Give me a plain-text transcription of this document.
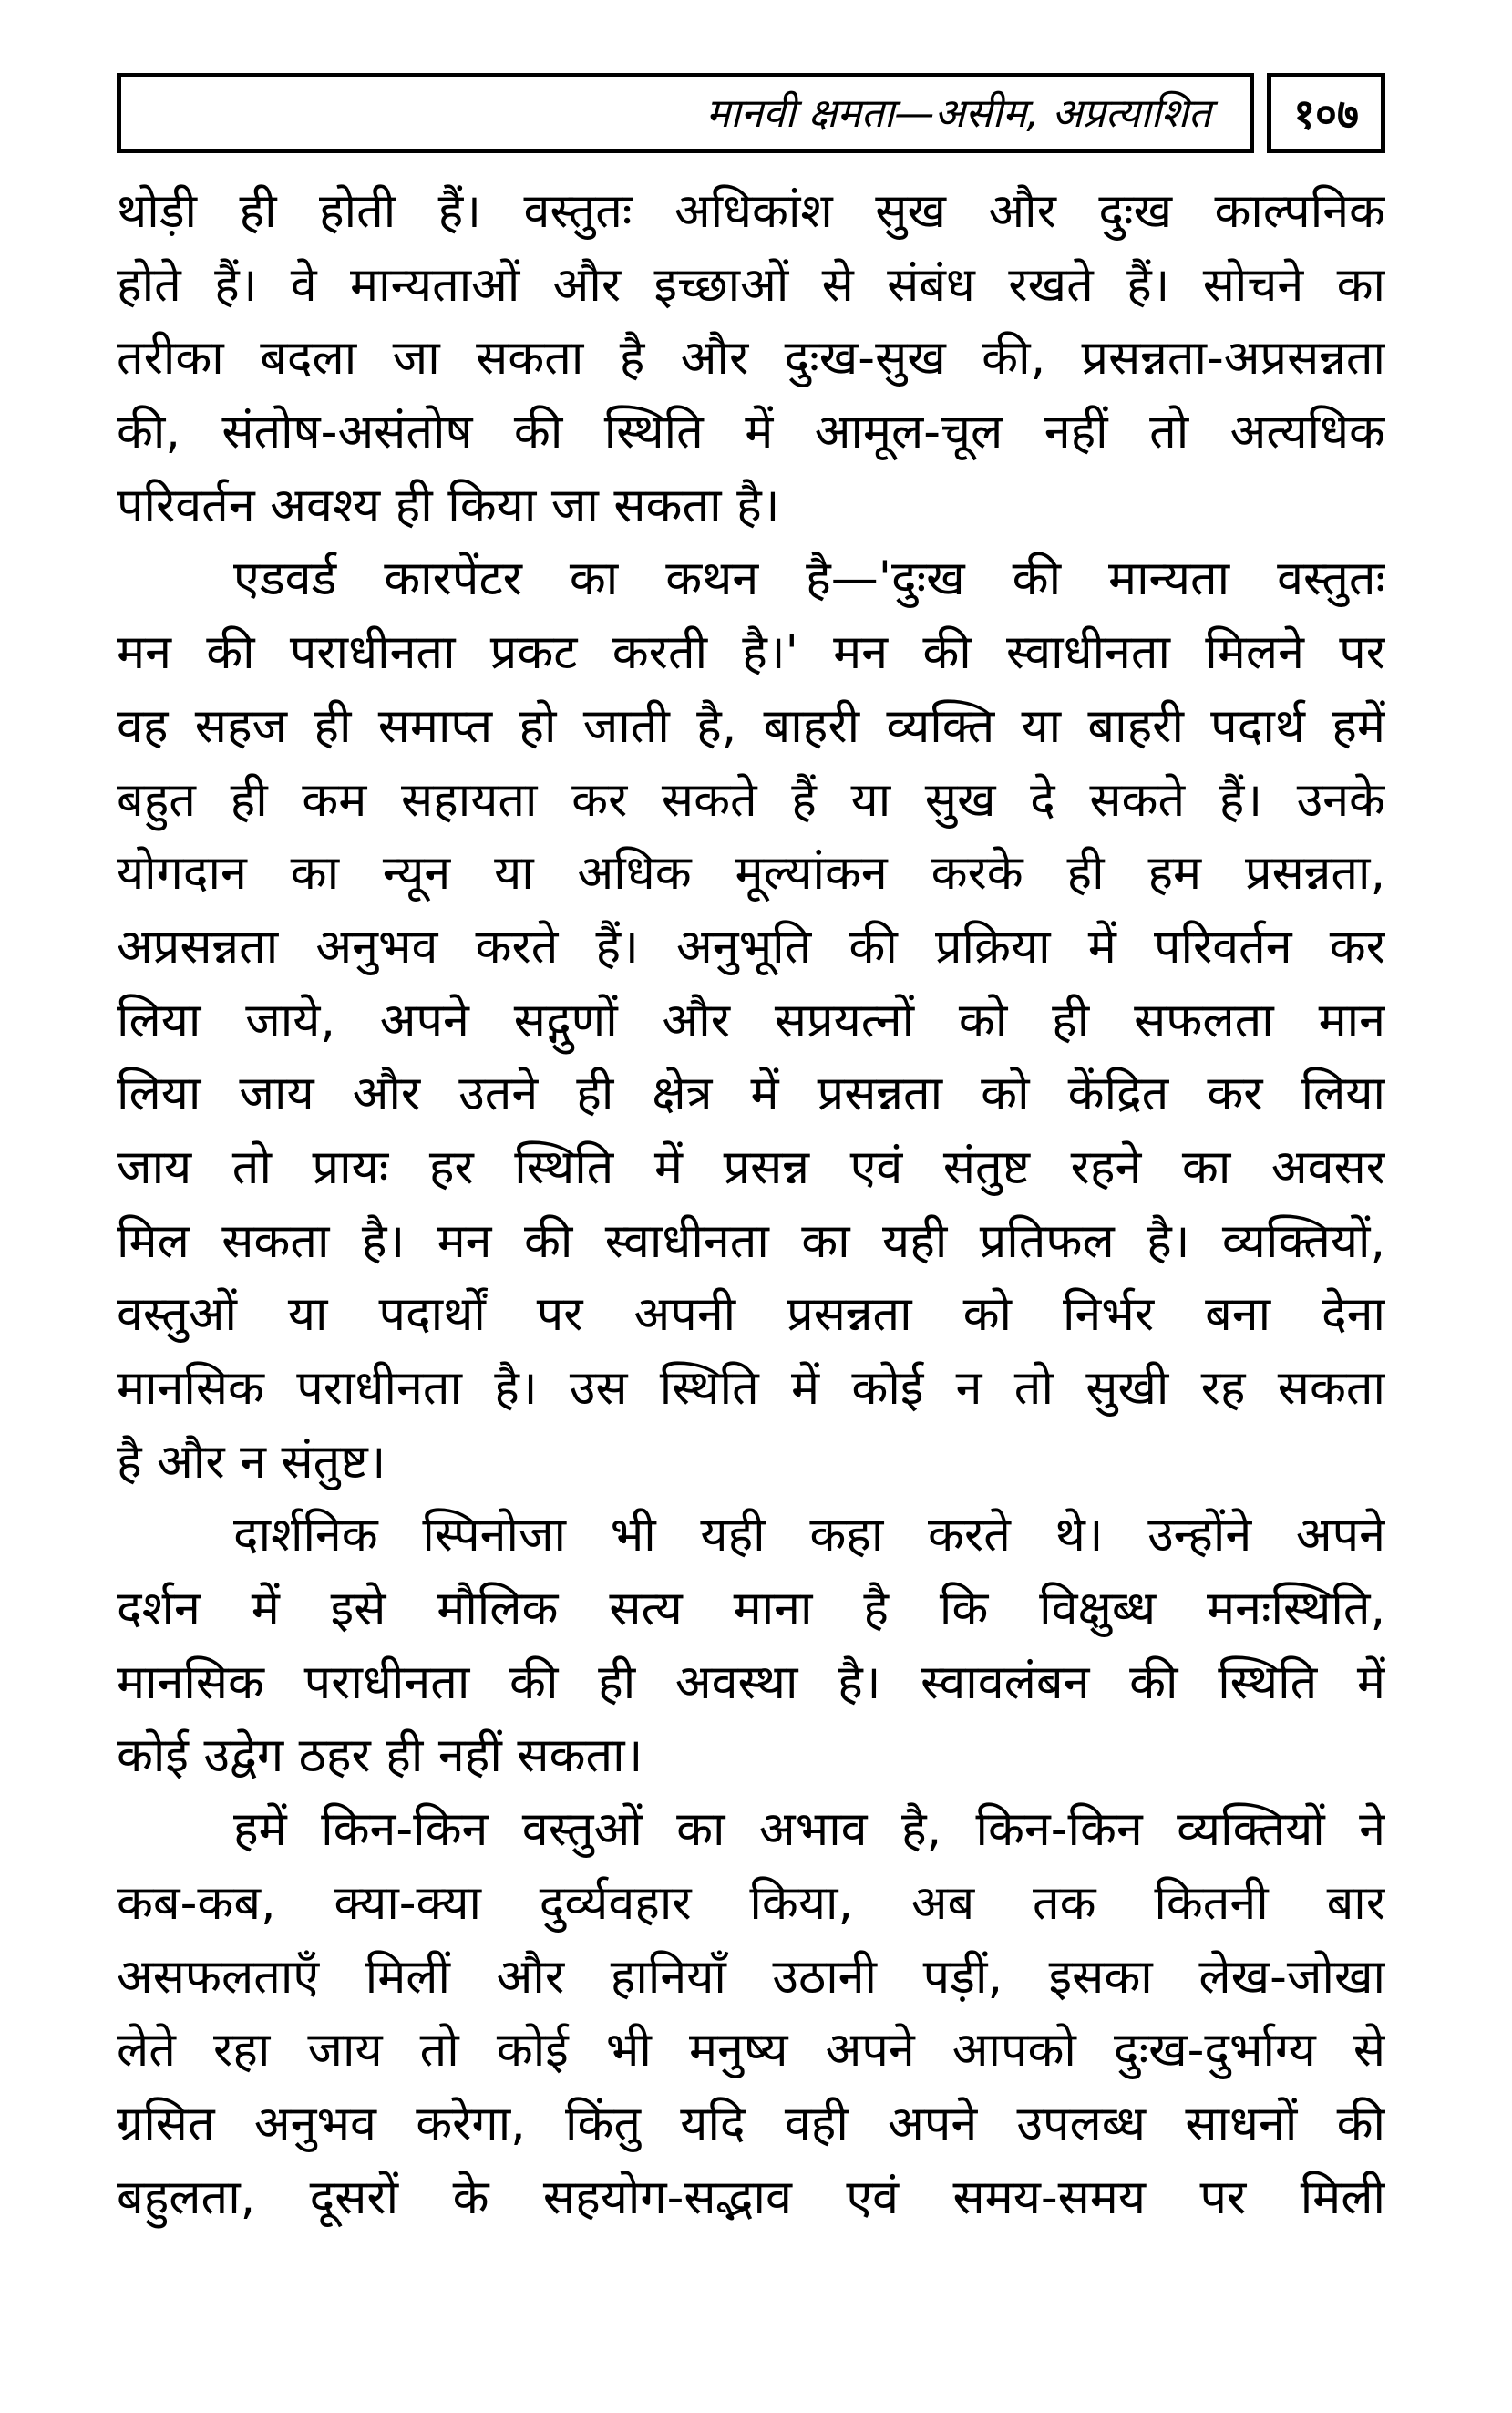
मानवी क्षमता—असीम, अप्रत्याशित	१०७
थोड़ी ही होती हैं। वस्तुतः अधिकांश सुख और दुःख काल्पनिक
होते हैं। वे मान्यताओं और इच्छाओं से संबंध रखते हैं। सोचने का
तरीका बदला जा सकता है और दुःख-सुख की, प्रसन्नता-अप्रसन्नता
की, संतोष-असंतोष की स्थिति में आमूल-चूल नहीं तो अत्यधिक
परिवर्तन अवश्य ही किया जा सकता है।
एडवर्ड कारपेंटर का कथन है—'दुःख की मान्यता वस्तुतः
मन की पराधीनता प्रकट करती है।' मन की स्वाधीनता मिलने पर
वह सहज ही समाप्त हो जाती है, बाहरी व्यक्ति या बाहरी पदार्थ हमें
बहुत ही कम सहायता कर सकते हैं या सुख दे सकते हैं। उनके
योगदान का न्यून या अधिक मूल्यांकन करके ही हम प्रसन्नता,
अप्रसन्नता अनुभव करते हैं। अनुभूति की प्रक्रिया में परिवर्तन कर
लिया जाये, अपने सद्गुणों और सप्रयत्नों को ही सफलता मान
लिया जाय और उतने ही क्षेत्र में प्रसन्नता को केंद्रित कर लिया
जाय तो प्रायः हर स्थिति में प्रसन्न एवं संतुष्ट रहने का अवसर
मिल सकता है। मन की स्वाधीनता का यही प्रतिफल है। व्यक्तियों,
वस्तुओं या पदार्थों पर अपनी प्रसन्नता को निर्भर बना देना
मानसिक पराधीनता है। उस स्थिति में कोई न तो सुखी रह सकता
है और न संतुष्ट।
दार्शनिक स्पिनोजा भी यही कहा करते थे। उन्होंने अपने
दर्शन में इसे मौलिक सत्य माना है कि विक्षुब्ध मनःस्थिति,
मानसिक पराधीनता की ही अवस्था है। स्वावलंबन की स्थिति में
कोई उद्वेग ठहर ही नहीं सकता।
हमें किन-किन वस्तुओं का अभाव है, किन-किन व्यक्तियों ने
कब-कब, क्या-क्या दुर्व्यवहार किया, अब तक कितनी बार
असफलताएँ मिलीं और हानियाँ उठानी पड़ीं, इसका लेख-जोखा
लेते रहा जाय तो कोई भी मनुष्य अपने आपको दुःख-दुर्भाग्य से
ग्रसित अनुभव करेगा, किंतु यदि वही अपने उपलब्ध साधनों की
बहुलता, दूसरों के सहयोग-सद्भाव एवं समय-समय पर मिली
